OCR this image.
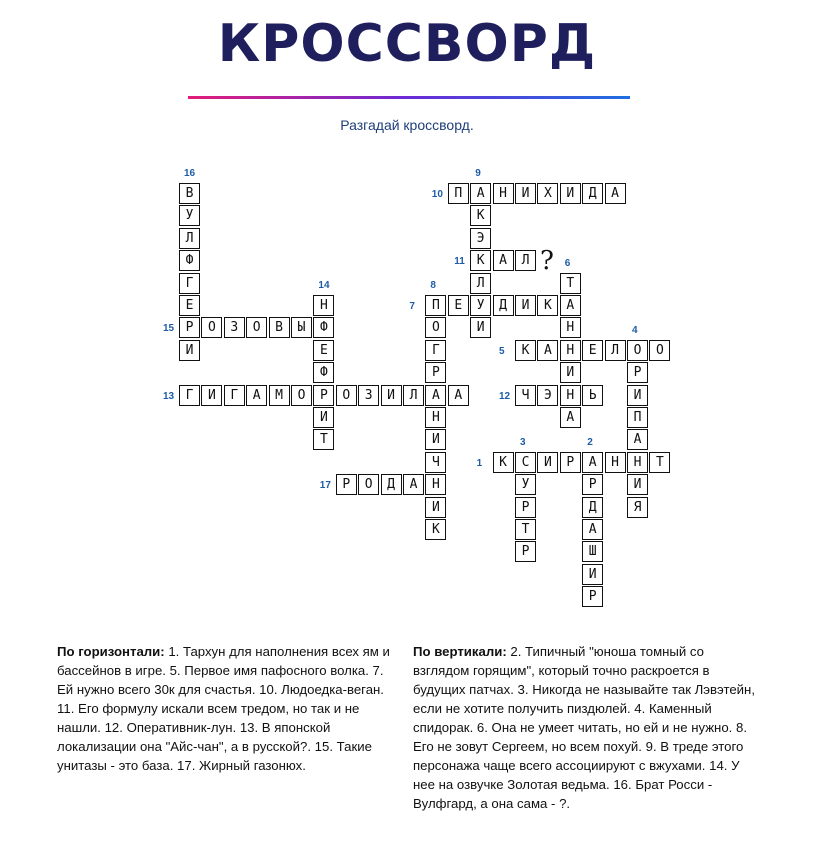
КРОССВОРД
Разгадай кроссворд.
В
У
Л
Ф
Г
Е
Р
И
16
П	А	Н	И	Х	И	Д	А
10
К
Э
К
Л
У
И
9
А	Л
11
Т
А
Н
Н
И
Н
А
6
Н
Ф
Е
Ф
Р
И
Т
14
П	Е	Д	И	К
7
О
Г
Р
А
Н
И
Ч
Н
И
К
8
О	З	О	В	Ы
15
О
Р
И
П
А
Н
И
Я
4
К	А	Е	Л	О
5
Г	И	Г	А	М	О	О	З	И	Л	А
13	Ч	Э	Ь
12
К	С	И	Р	А	Н	Т
1
У
Р
Т
Р
3
Р
Д
А
Ш
И
Р
2
Р	О	Д	А
17
?
По горизонтали: 1. Тархун для наполнения всех ям и бассейнов в игре. 5. Первое имя пафосного волка. 7. Ей нужно всего 30к для счастья. 10. Людоедка-веган. 11. Его формулу искали всем тредом, но так и не нашли. 12. Оперативник-лун. 13. В японской локализации она "Айс-чан", а в русской?. 15. Такие унитазы - это база. 17. Жирный газонюх.
По вертикали: 2. Типичный "юноша томный со взглядом горящим", который точно раскроется в будущих патчах. 3. Никогда не называйте так Лэвэтейн, если не хотите получить пиздюлей. 4. Каменный спидорак. 6. Она не умеет читать, но ей и не нужно. 8. Его не зовут Сергеем, но всем похуй. 9. В треде этого персонажа чаще всего ассоциируют с вжухами. 14. У нее на озвучке Золотая ведьма. 16. Брат Росси - Вулфгард, а она сама - ?.
